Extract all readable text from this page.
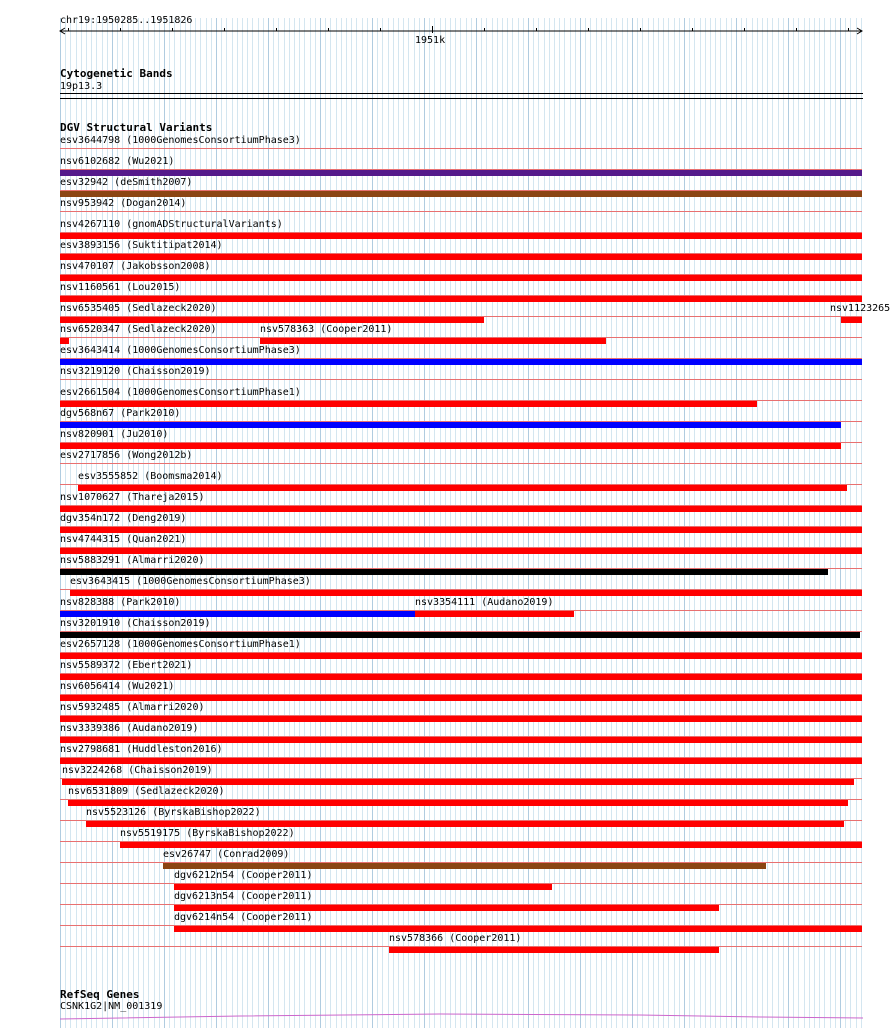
chr19:1950285..1951826
1951k
Cytogenetic Bands
19p13.3
DGV Structural Variants
esv3644798 (1000GenomesConsortiumPhase3)
nsv6102682 (Wu2021)
esv32942 (deSmith2007)
nsv953942 (Dogan2014)
nsv4267110 (gnomADStructuralVariants)
esv3893156 (Suktitipat2014)
nsv470107 (Jakobsson2008)
nsv1160561 (Lou2015)
nsv6535405 (Sedlazeck2020)	nsv1123265
nsv6520347 (Sedlazeck2020)	nsv578363 (Cooper2011)
esv3643414 (1000GenomesConsortiumPhase3)
nsv3219120 (Chaisson2019)
esv2661504 (1000GenomesConsortiumPhase1)
dgv568n67 (Park2010)
nsv820901 (Ju2010)
esv2717856 (Wong2012b)
esv3555852 (Boomsma2014)
nsv1070627 (Thareja2015)
dgv354n172 (Deng2019)
nsv4744315 (Quan2021)
nsv5883291 (Almarri2020)
esv3643415 (1000GenomesConsortiumPhase3)
nsv828388 (Park2010)	nsv3354111 (Audano2019)
nsv3201910 (Chaisson2019)
esv2657128 (1000GenomesConsortiumPhase1)
nsv5589372 (Ebert2021)
nsv6056414 (Wu2021)
nsv5932485 (Almarri2020)
nsv3339386 (Audano2019)
nsv2798681 (Huddleston2016)
nsv3224268 (Chaisson2019)
nsv6531809 (Sedlazeck2020)
nsv5523126 (ByrskaBishop2022)
nsv5519175 (ByrskaBishop2022)
esv26747 (Conrad2009)
dgv6212n54 (Cooper2011)
dgv6213n54 (Cooper2011)
dgv6214n54 (Cooper2011)
nsv578366 (Cooper2011)
RefSeq Genes
CSNK1G2|NM_001319
